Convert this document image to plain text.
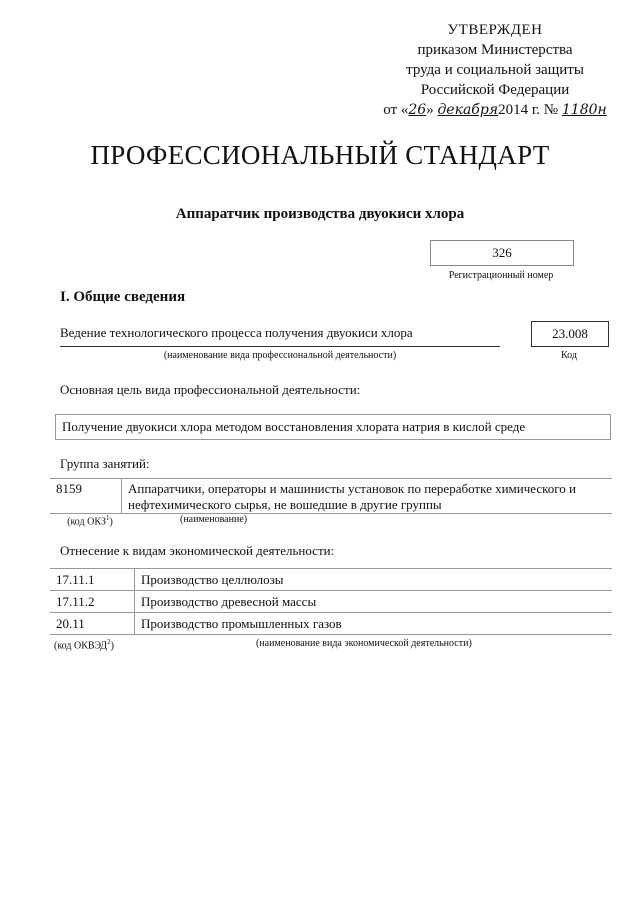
УТВЕРЖДЕН
приказом Министерства
труда и социальной защиты
Российской Федерации
от «26» декабря2014 г. № 1180н
ПРОФЕССИОНАЛЬНЫЙ СТАНДАРТ
Аппаратчик производства двуокиси хлора
326
Регистрационный номер
I. Общие сведения
Ведение технологического процесса получения двуокиси хлора
(наименование вида профессиональной деятельности)
23.008
Код
Основная цель вида профессиональной деятельности:
Получение двуокиси хлора методом восстановления хлората натрия в кислой среде
Группа занятий:
8159	Аппаратчики, операторы и машинисты установок по переработке химического и нефтехимического сырья, не вошедшие в другие группы
(код ОКЗ$^1$)	(наименование)
Отнесение к видам экономической деятельности:
17.11.1	Производство целлюлозы
17.11.2	Производство древесной массы
20.11	Производство промышленных газов
(код ОКВЭД$^2$)	(наименование вида экономической деятельности)
